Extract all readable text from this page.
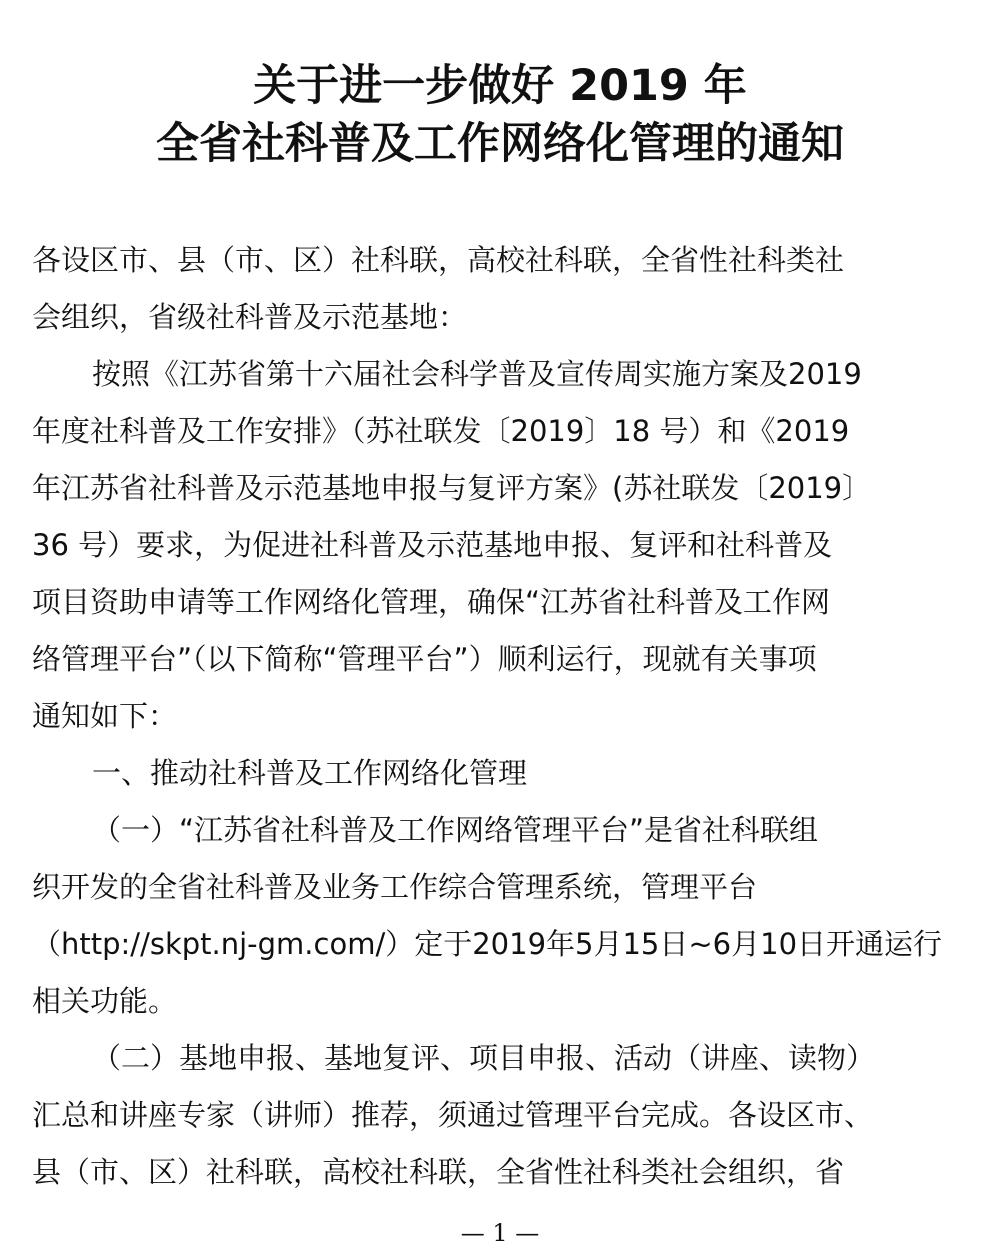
关于进一步做好 2019 年
全省社科普及工作网络化管理的通知
各设区市、县（市、区）社科联，高校社科联，全省性社科类社
会组织，省级社科普及示范基地：
按照《江苏省第十六届社会科学普及宣传周实施方案及2019
年度社科普及工作安排》（苏社联发〔2019〕18 号）和《2019
年江苏省社科普及示范基地申报与复评方案》(苏社联发〔2019〕
36 号）要求，为促进社科普及示范基地申报、复评和社科普及
项目资助申请等工作网络化管理，确保“江苏省社科普及工作网
络管理平台”（以下简称“管理平台”）顺利运行，现就有关事项
通知如下：
一、推动社科普及工作网络化管理
（一）“江苏省社科普及工作网络管理平台”是省社科联组
织开发的全省社科普及业务工作综合管理系统，管理平台
（http://skpt.nj-gm.com/）定于2019年5月15日~6月10日开通运行
相关功能。
（二）基地申报、基地复评、项目申报、活动（讲座、读物）
汇总和讲座专家（讲师）推荐，须通过管理平台完成。各设区市、
县（市、区）社科联，高校社科联，全省性社科类社会组织，省
— 1 —
